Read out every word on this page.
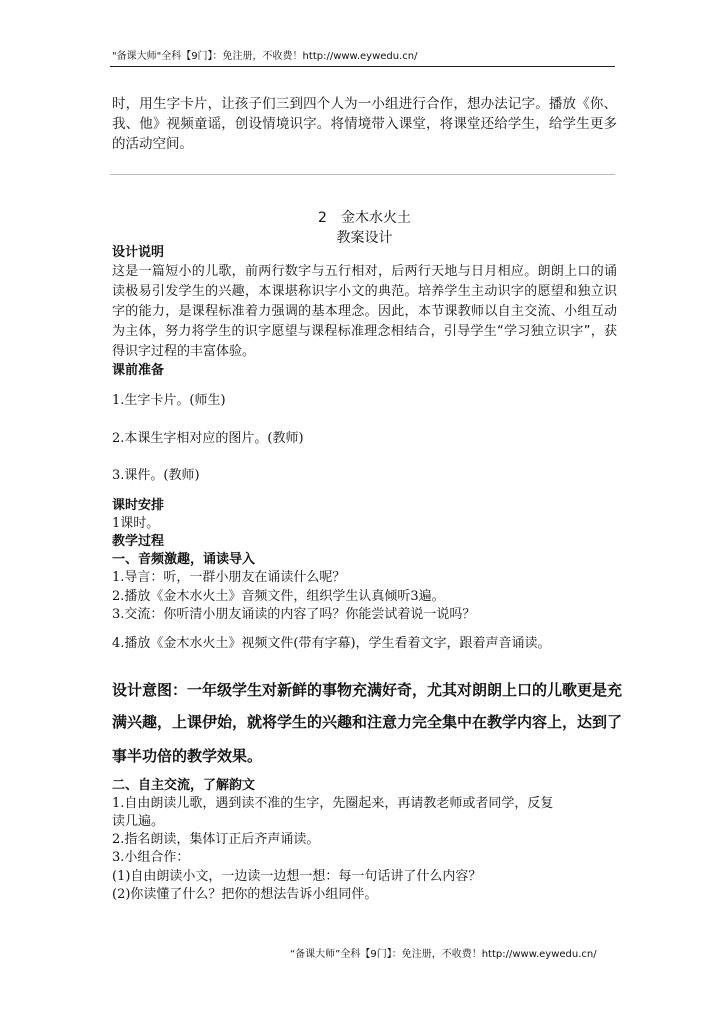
"备课大师"全科【9门】：免注册，不收费！http://www.eywedu.cn/
时，用生字卡片，让孩子们三到四个人为一小组进行合作，想办法记字。播放《你、我、他》视频童谣，创设情境识字。将情境带入课堂，将课堂还给学生，给学生更多的活动空间。
2　金木水火土
教案设计
设计说明
这是一篇短小的儿歌，前两行数字与五行相对，后两行天地与日月相应。朗朗上口的诵读极易引发学生的兴趣，本课堪称识字小文的典范。培养学生主动识字的愿望和独立识字的能力，是课程标准着力强调的基本理念。因此，本节课教师以自主交流、小组互动为主体，努力将学生的识字愿望与课程标准理念相结合，引导学生“学习独立识字”，获得识字过程的丰富体验。
课前准备
1.生字卡片。(师生)
2.本课生字相对应的图片。(教师)
3.课件。(教师)
课时安排
1课时。
教学过程
一、音频激趣，诵读导入
1.导言：听，一群小朋友在诵读什么呢？
2.播放《金木水火土》音频文件，组织学生认真倾听3遍。
3.交流：你听清小朋友诵读的内容了吗？你能尝试着说一说吗？
4.播放《金木水火土》视频文件(带有字幕)，学生看着文字，跟着声音诵读。
设计意图：一年级学生对新鲜的事物充满好奇，尤其对朗朗上口的儿歌更是充
满兴趣，上课伊始，就将学生的兴趣和注意力完全集中在教学内容上，达到了
事半功倍的教学效果。
二、自主交流，了解韵文
1.自由朗读儿歌，遇到读不准的生字，先圈起来，再请教老师或者同学，反复
读几遍。
2.指名朗读，集体订正后齐声诵读。
3.小组合作：
(1)自由朗读小文，一边读一边想一想：每一句话讲了什么内容？
(2)你读懂了什么？把你的想法告诉小组同伴。
“备课大师”全科【9门】：免注册，不收费！http://www.eywedu.cn/
